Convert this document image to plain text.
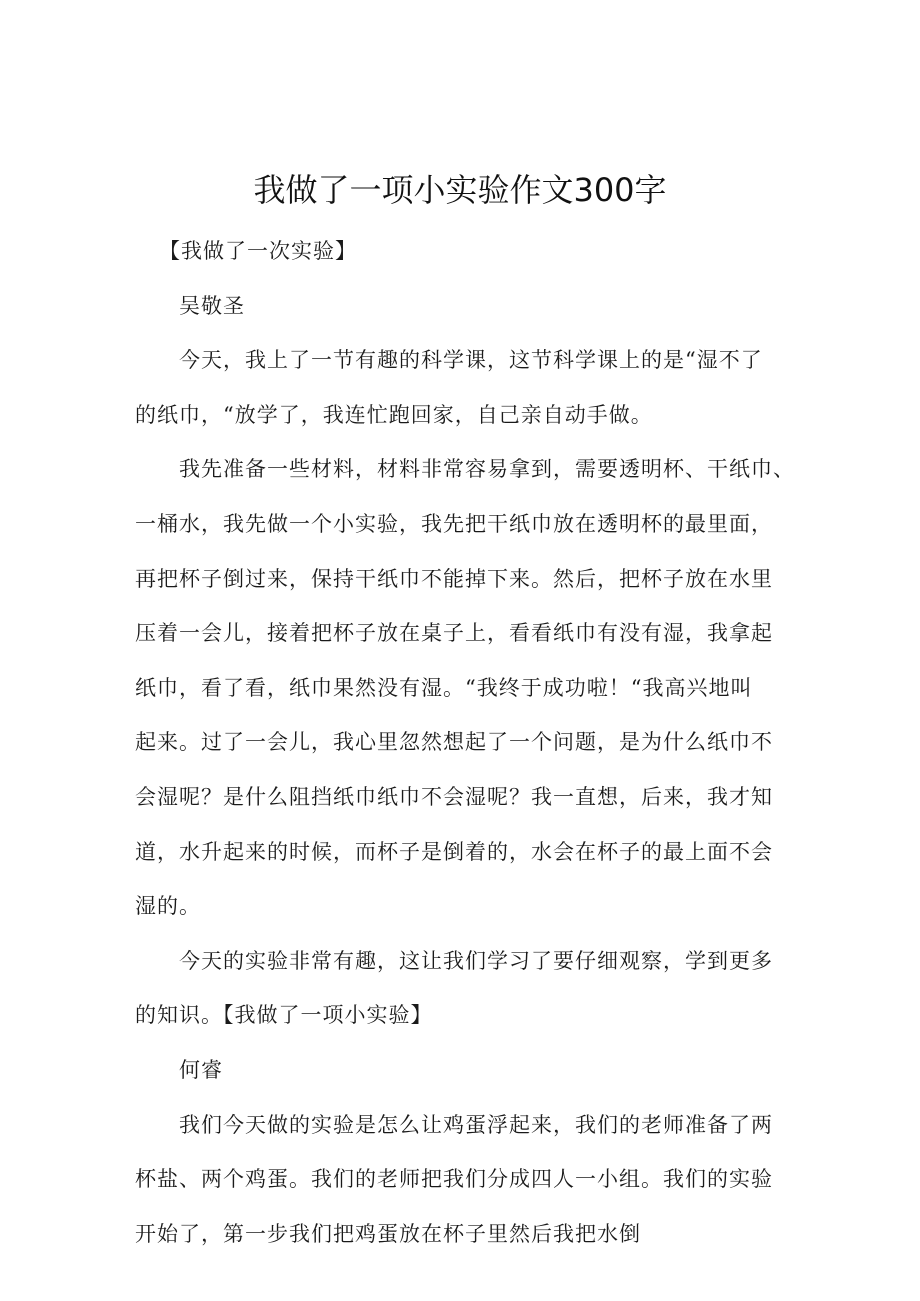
我做了一项小实验作文300字
【我做了一次实验】
吴敬圣
今天，我上了一节有趣的科学课，这节科学课上的是“湿不了
的纸巾，“放学了，我连忙跑回家，自己亲自动手做。
我先准备一些材料，材料非常容易拿到，需要透明杯、干纸巾、
一桶水，我先做一个小实验，我先把干纸巾放在透明杯的最里面，
再把杯子倒过来，保持干纸巾不能掉下来。然后，把杯子放在水里
压着一会儿，接着把杯子放在桌子上，看看纸巾有没有湿，我拿起
纸巾，看了看，纸巾果然没有湿。“我终于成功啦！“我高兴地叫
起来。过了一会儿，我心里忽然想起了一个问题，是为什么纸巾不
会湿呢？是什么阻挡纸巾纸巾不会湿呢？我一直想，后来，我才知
道，水升起来的时候，而杯子是倒着的，水会在杯子的最上面不会
湿的。
今天的实验非常有趣，这让我们学习了要仔细观察，学到更多
的知识。【我做了一项小实验】
何睿
我们今天做的实验是怎么让鸡蛋浮起来，我们的老师准备了两
杯盐、两个鸡蛋。我们的老师把我们分成四人一小组。我们的实验
开始了，第一步我们把鸡蛋放在杯子里然后我把水倒
